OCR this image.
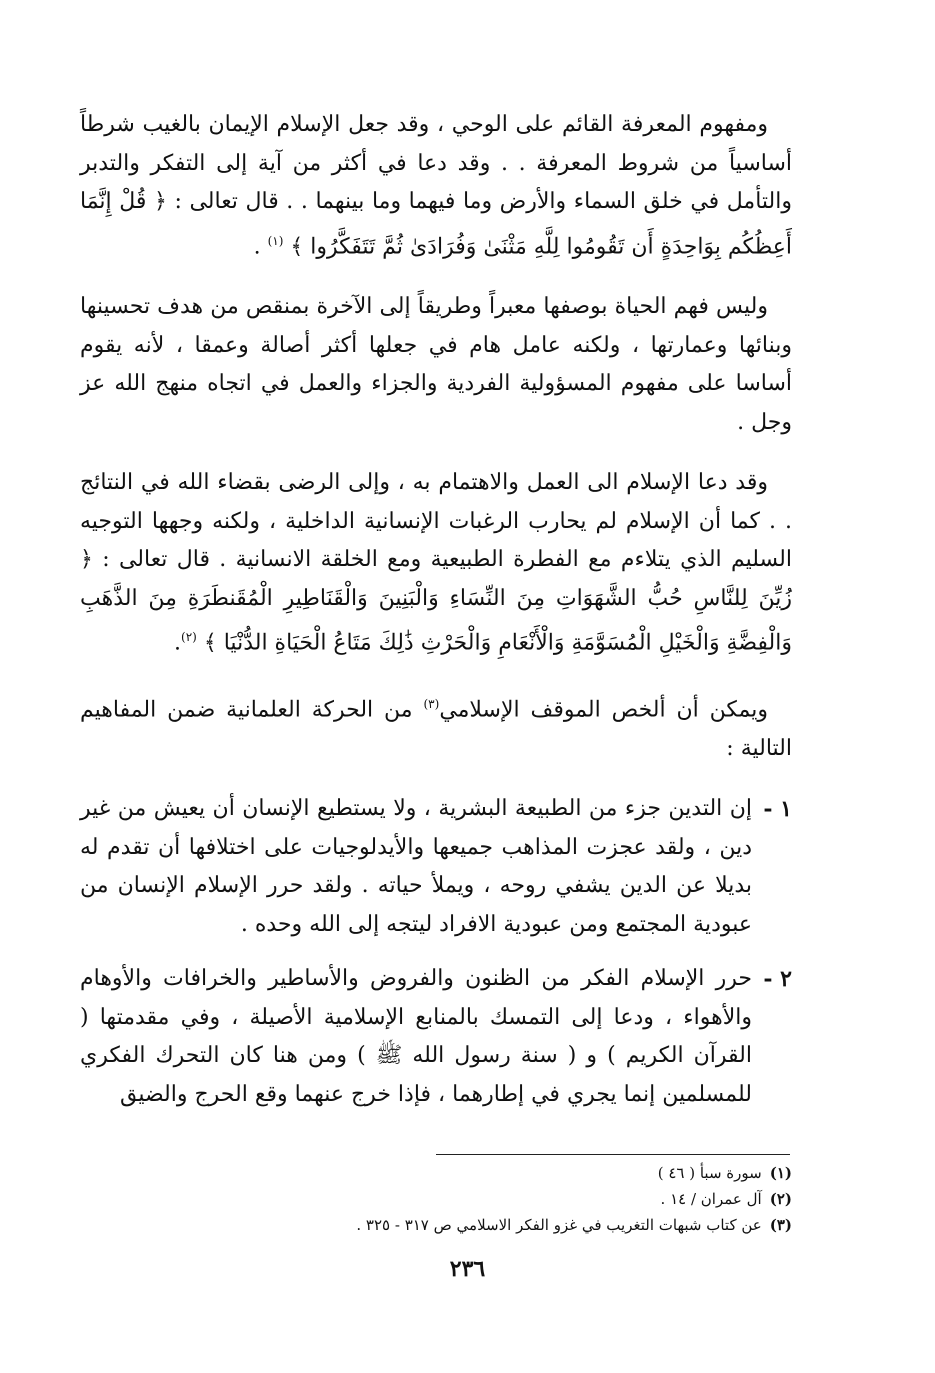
ومفهوم المعرفة القائم على الوحي ، وقد جعل الإسلام الإيمان بالغيب شرطاً أساسياً من شروط المعرفة . . وقد دعا في أكثر من آية إلى التفكر والتدبر والتأمل في خلق السماء والأرض وما فيهما وما بينهما . . قال تعالى : ﴿ قُلْ إِنَّمَا أَعِظُكُم بِوَاحِدَةٍ أَن تَقُومُوا لِلَّهِ مَثْنَىٰ وَفُرَادَىٰ ثُمَّ تَتَفَكَّرُوا ﴾ $^{(١)}$ .

وليس فهم الحياة بوصفها معبراً وطريقاً إلى الآخرة بمنقص من هدف تحسينها وبنائها وعمارتها ، ولكنه عامل هام في جعلها أكثر أصالة وعمقا ، لأنه يقوم أساسا على مفهوم المسؤولية الفردية والجزاء والعمل في اتجاه منهج الله عز وجل .

وقد دعا الإسلام الى العمل والاهتمام به ، وإلى الرضى بقضاء الله في النتائج . . كما أن الإسلام لم يحارب الرغبات الإنسانية الداخلية ، ولكنه وجهها التوجيه السليم الذي يتلاءم مع الفطرة الطبيعية ومع الخلقة الانسانية . قال تعالى : ﴿ زُيِّنَ لِلنَّاسِ حُبُّ الشَّهَوَاتِ مِنَ النِّسَاءِ وَالْبَنِينَ وَالْقَنَاطِيرِ الْمُقَنطَرَةِ مِنَ الذَّهَبِ وَالْفِضَّةِ وَالْخَيْلِ الْمُسَوَّمَةِ وَالْأَنْعَامِ وَالْحَرْثِ ذَٰلِكَ مَتَاعُ الْحَيَاةِ الدُّنْيَا ﴾ $^{(٢)}$.

ويمكن أن ألخص الموقف الإسلامي$^{(٣)}$ من الحركة العلمانية ضمن المفاهيم التالية :

١ -
إن التدين جزء من الطبيعة البشرية ، ولا يستطيع الإنسان أن يعيش من غير دين ، ولقد عجزت المذاهب جميعها والأيدلوجيات على اختلافها أن تقدم له بديلا عن الدين يشفي روحه ، ويملأ حياته . ولقد حرر الإسلام الإنسان من عبودية المجتمع ومن عبودية الافراد ليتجه إلى الله وحده .
٢ -
حرر الإسلام الفكر من الظنون والفروض والأساطير والخرافات والأوهام والأهواء ، ودعا إلى التمسك بالمنابع الإسلامية الأصيلة ، وفي مقدمتها ( القرآن الكريم ) و ( سنة رسول الله ﷺ ) ومن هنا كان التحرك الفكري للمسلمين إنما يجري في إطارهما ، فإذا خرج عنهما وقع الحرج والضيق
(١)
سورة سبأ ( ٤٦ )
(٢)
آل عمران / ١٤ .
(٣)
عن كتاب شبهات التغريب في غزو الفكر الاسلامي ص ٣١٧ - ٣٢٥ .
٢٣٦
